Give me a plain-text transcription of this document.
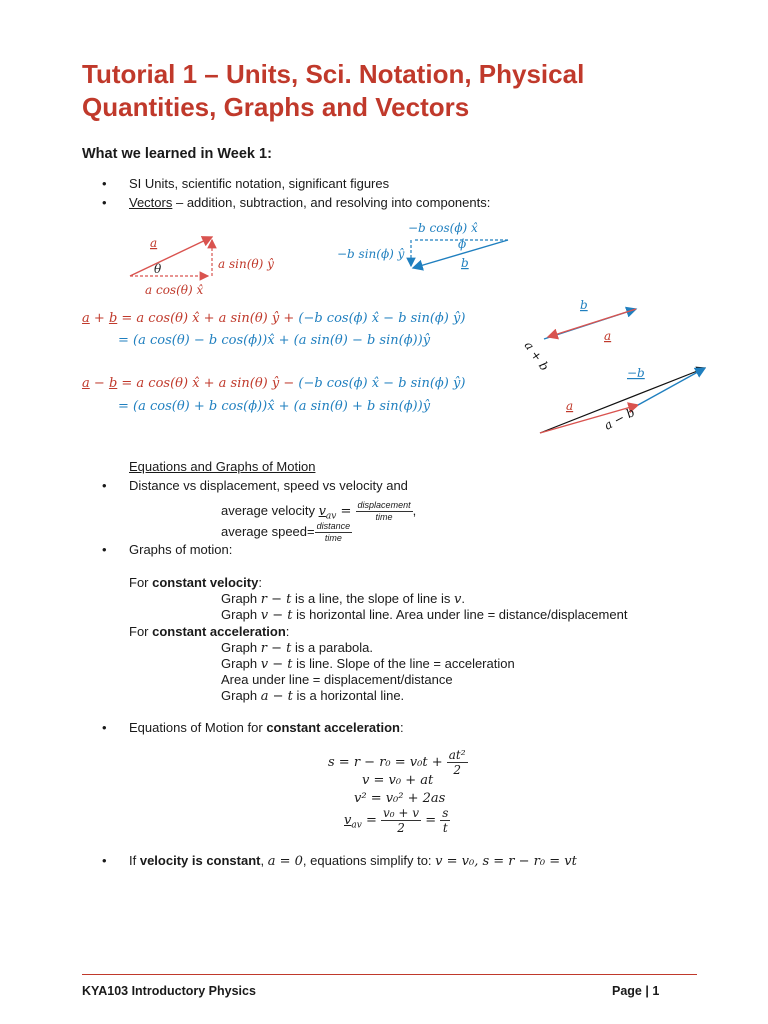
Tutorial 1 – Units, Sci. Notation, Physical Quantities, Graphs and Vectors

What we learned in Week 1:

SI Units, scientific notation, significant figures
Vectors – addition, subtraction, and resolving into components:
a
θ	a sin(θ) ŷ
a cos(θ) x̂
−b cos(ϕ) x̂
ϕ
−b sin(ϕ) ŷ
b
b
a
a + b	−b
a a − b
a + b = a cos(θ) x̂ + a sin(θ) ŷ + (−b cos(ϕ) x̂ − b sin(ϕ) ŷ)
= (a cos(θ) − b cos(ϕ))x̂ + (a sin(θ) − b sin(ϕ))ŷ
a − b = a cos(θ) x̂ + a sin(θ) ŷ − (−b cos(ϕ) x̂ − b sin(ϕ) ŷ)
= (a cos(θ) + b cos(ϕ))x̂ + (a sin(θ) + b sin(ϕ))ŷ
Equations and Graphs of Motion
Distance vs displacement, speed vs velocity and
average velocity $v_{av} = \frac{\text{displacement}}{\text{time}}$ ,
average speed= $\frac{\text{distance}}{\text{time}}$
Graphs of motion:
For constant velocity:
Graph r − t is a line, the slope of line is v.
Graph v − t is horizontal line. Area under line = distance/displacement
For constant acceleration:
Graph r − t is a parabola.
Graph v − t is line. Slope of the line = acceleration
Area under line = displacement/distance
Graph a − t is a horizontal line.
Equations of Motion for constant acceleration:
$s = r - r_0 = v_0t + \frac{\text{at²}}{2}$
v = v₀ + at
v² = v₀² + 2as
$v_{av} = \frac{\text{v₀ + v}}{2} = \frac{s}{t}$
If velocity is constant, a = 0, equations simplify to: v = v₀, s = r − r₀ = vt
KYA103 Introductory Physics	Page | 1
